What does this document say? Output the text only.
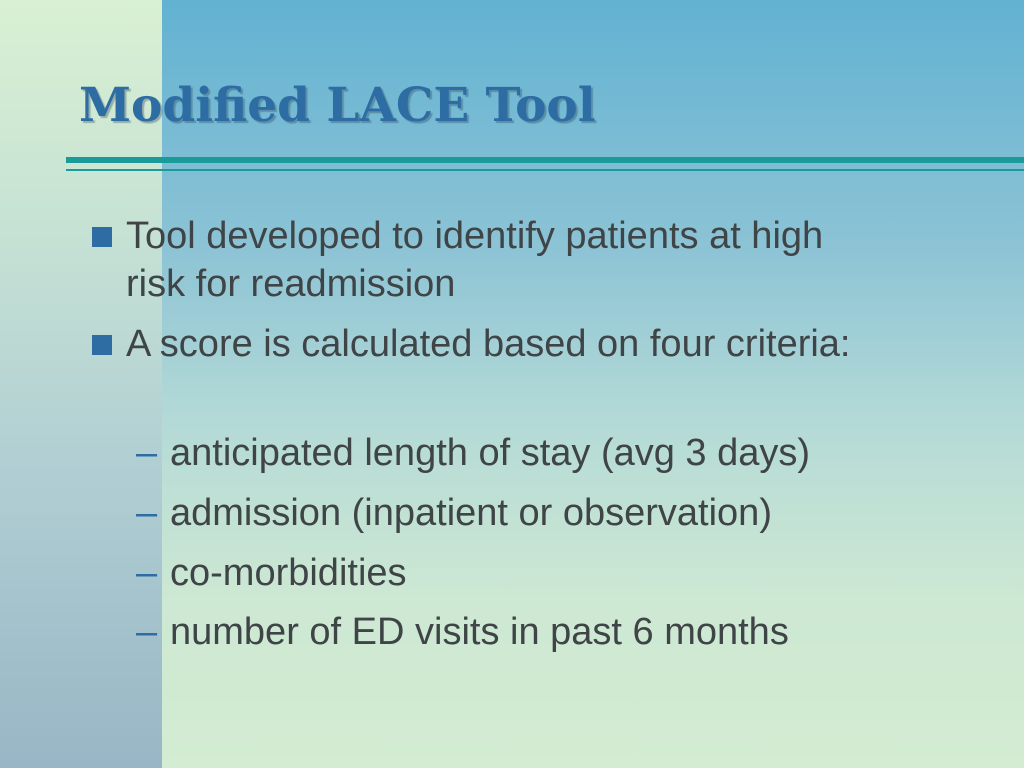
Modified LACE Tool
Tool developed to identify patients at high risk for readmission
A score is calculated based on four criteria:
– anticipated length of stay (avg 3 days)
– admission (inpatient or observation)
– co-morbidities
– number of ED visits in past 6 months
